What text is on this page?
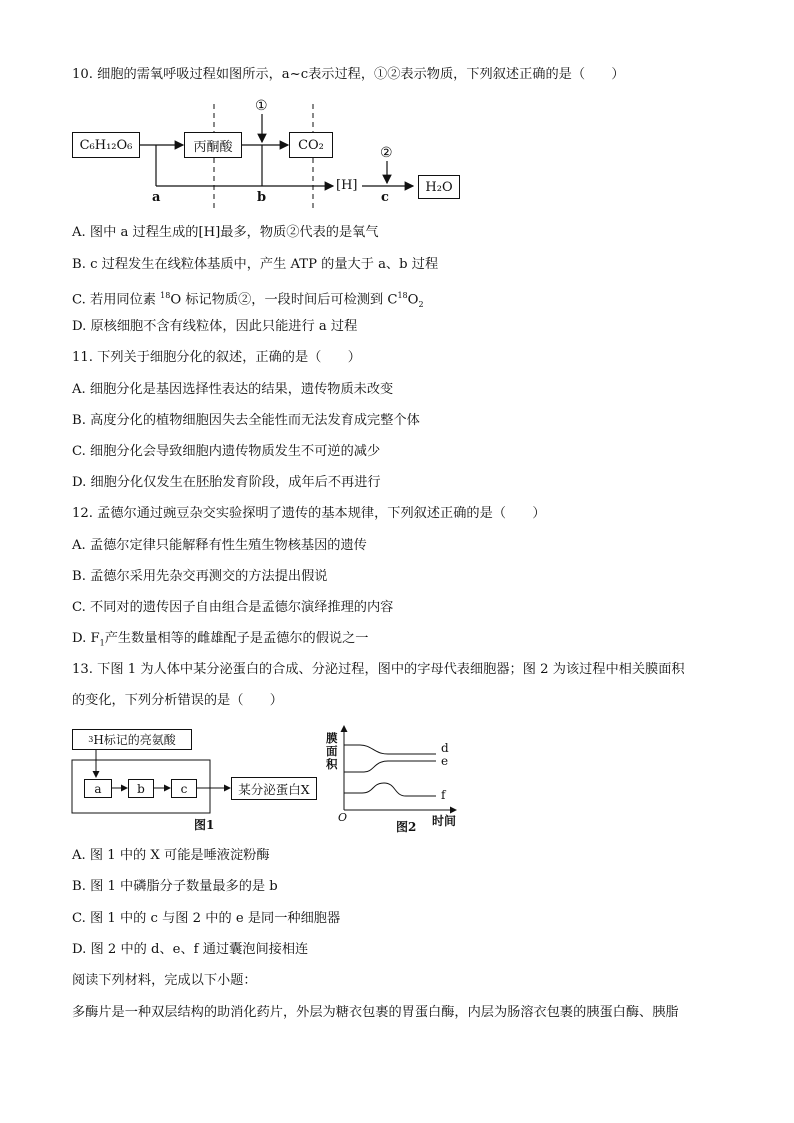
10. 细胞的需氧呼吸过程如图所示，a~c表示过程，①②表示物质，下列叙述正确的是（　　）
C₆H₁₂O₆	丙酮酸	CO₂
H₂O
[H]
a	b	c
①
②
A. 图中 a 过程生成的[H]最多，物质②代表的是氧气
B. c 过程发生在线粒体基质中，产生 ATP 的量大于 a、b 过程
C. 若用同位素 $^{18}$O 标记物质②，一段时间后可检测到 $C^{18}O_2$
D. 原核细胞不含有线粒体，因此只能进行 a 过程
11. 下列关于细胞分化的叙述，正确的是（　　）
A. 细胞分化是基因选择性表达的结果，遗传物质未改变
B. 高度分化的植物细胞因失去全能性而无法发育成完整个体
C. 细胞分化会导致细胞内遗传物质发生不可逆的减少
D. 细胞分化仅发生在胚胎发育阶段，成年后不再进行
12. 孟德尔通过豌豆杂交实验探明了遗传的基本规律，下列叙述正确的是（　　）
A. 孟德尔定律只能解释有性生殖生物核基因的遗传
B. 孟德尔采用先杂交再测交的方法提出假说
C. 不同对的遗传因子自由组合是孟德尔演绎推理的内容
D. $F_1$产生数量相等的雌雄配子是孟德尔的假说之一
13. 下图 1 为人体中某分泌蛋白的合成、分泌过程，图中的字母代表细胞器；图 2 为该过程中相关膜面积
的变化，下列分析错误的是（　　）
3 H标记的亮氨酸
a	b	c	某分泌蛋白X
图1
膜面积
O	时间
d
e
f
图2
A. 图 1 中的 X 可能是唾液淀粉酶
B. 图 1 中磷脂分子数量最多的是 b
C. 图 1 中的 c 与图 2 中的 e 是同一种细胞器
D. 图 2 中的 d、e、f 通过囊泡间接相连
阅读下列材料，完成以下小题：
多酶片是一种双层结构的助消化药片，外层为糖衣包裹的胃蛋白酶，内层为肠溶衣包裹的胰蛋白酶、胰脂
